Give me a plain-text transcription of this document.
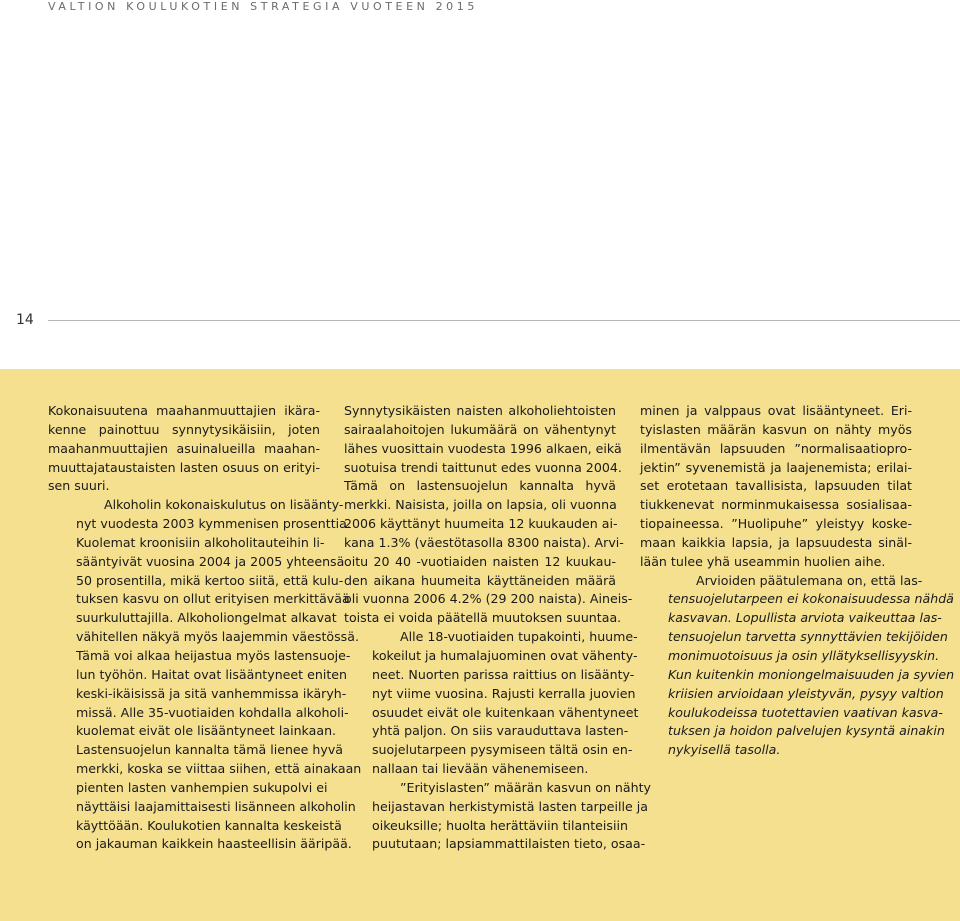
VALTION KOULUKOTIEN STRATEGIA VUOTEEN 2015
14

Kokonaisuutena maahanmuuttajien ikära-
kenne painottuu synnytysikäisiin, joten
maahanmuuttajien asuinalueilla maahan-
muuttajataustaisten lasten osuus on erityi-
sen suuri.

Alkoholin kokonaiskulutus on lisäänty-
nyt vuodesta 2003 kymmenisen prosenttia.
Kuolemat kroonisiin alkoholitauteihin li-
sääntyivät vuosina 2004 ja 2005 yhteensä
50 prosentilla, mikä kertoo siitä, että kulu-
tuksen kasvu on ollut erityisen merkittävää
suurkuluttajilla. Alkoholiongelmat alkavat
vähitellen näkyä myös laajemmin väestössä.
Tämä voi alkaa heijastua myös lastensuoje-
lun työhön. Haitat ovat lisääntyneet eniten
keski-ikäisissä ja sitä vanhemmissa ikäryh-
missä. Alle 35-vuotiaiden kohdalla alkoholi-
kuolemat eivät ole lisääntyneet lainkaan.
Lastensuojelun kannalta tämä lienee hyvä
merkki, koska se viittaa siihen, että ainakaan
pienten lasten vanhempien sukupolvi ei
näyttäisi laajamittaisesti lisänneen alkoholin
käyttöään. Koulukotien kannalta keskeistä
on jakauman kaikkein haasteellisin ääripää.

Synnytysikäisten naisten alkoholiehtoisten
sairaalahoitojen lukumäärä on vähentynyt
lähes vuosittain vuodesta 1996 alkaen, eikä
suotuisa trendi taittunut edes vuonna 2004.
Tämä on lastensuojelun kannalta hyvä
merkki. Naisista, joilla on lapsia, oli vuonna
2006 käyttänyt huumeita 12 kuukauden ai-
kana 1.3% (väestötasolla 8300 naista). Arvi-
oitu 20 40 -vuotiaiden naisten 12 kuukau-
den aikana huumeita käyttäneiden määrä
oli vuonna 2006 4.2% (29 200 naista). Aineis-
toista ei voida päätellä muutoksen suuntaa.

Alle 18-vuotiaiden tupakointi, huume-
kokeilut ja humalajuominen ovat vähenty-
neet. Nuorten parissa raittius on lisäänty-
nyt viime vuosina. Rajusti kerralla juovien
osuudet eivät ole kuitenkaan vähentyneet
yhtä paljon. On siis varauduttava lasten-
suojelutarpeen pysymiseen tältä osin en-
nallaan tai lievään vähenemiseen.

”Erityislasten” määrän kasvun on nähty
heijastavan herkistymistä lasten tarpeille ja
oikeuksille; huolta herättäviin tilanteisiin
puututaan; lapsiammattilaisten tieto, osaa-

minen ja valppaus ovat lisääntyneet. Eri-
tyislasten määrän kasvun on nähty myös
ilmentävän lapsuuden ”normalisaatiopro-
jektin” syvenemistä ja laajenemista; erilai-
set erotetaan tavallisista, lapsuuden tilat
tiukkenevat norminmukaisessa sosialisaa-
tiopaineessa. ”Huolipuhe” yleistyy koske-
maan kaikkia lapsia, ja lapsuudesta sinäl-
lään tulee yhä useammin huolien aihe.

Arvioiden päätulemana on, että las-
tensuojelutarpeen ei kokonaisuudessa nähdä
kasvavan. Lopullista arviota vaikeuttaa las-
tensuojelun tarvetta synnyttävien tekijöiden
monimuotoisuus ja osin yllätyksellisyyskin.
Kun kuitenkin moniongelmaisuuden ja syvien
kriisien arvioidaan yleistyvän, pysyy valtion
koulukodeissa tuotettavien vaativan kasva-
tuksen ja hoidon palvelujen kysyntä ainakin
nykyisellä tasolla.
